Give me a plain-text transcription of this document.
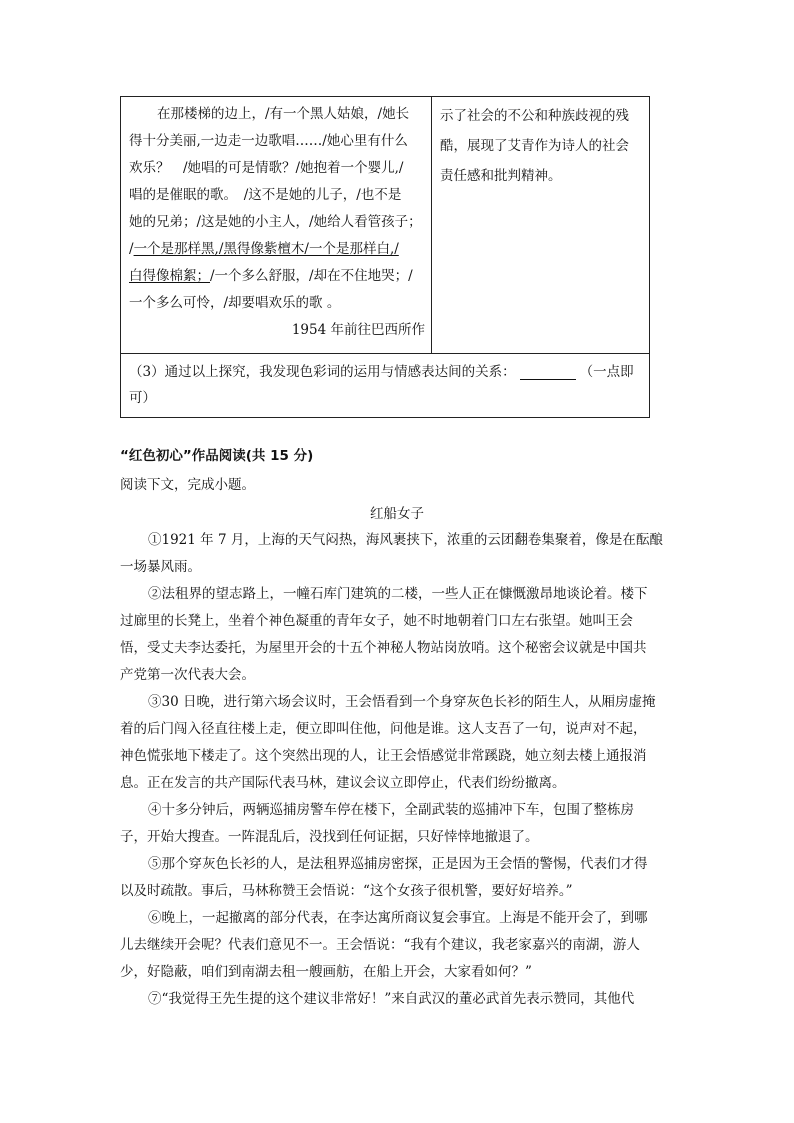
在那楼梯的边上，/有一个黑人姑娘，/她长
得十分美丽,一边走一边歌唱……/她心里有什么
欢乐？　/她唱的可是情歌？/她抱着一个婴儿,/
唱的是催眠的歌。　/这不是她的儿子，/也不是
她的兄弟；/这是她的小主人，/她给人看管孩子；
/一个是那样黑,/黑得像紫檀木/一个是那样白,/
白得像棉絮；/一个多么舒服，/却在不住地哭；/
一个多么可怜，/却要唱欢乐的歌 。
1954 年前往巴西所作
示了社会的不公和种族歧视的残
酷，展现了艾青作为诗人的社会
责任感和批判精神。
（3）通过以上探究，我发现色彩词的运用与情感表达间的关系：	（一点即
可）
“红色初心”作品阅读(共 15 分)
阅读下文，完成小题。
红船女子
①1921 年 7 月，上海的天气闷热，海风裹挟下，浓重的云团翻卷集聚着，像是在酝酿
一场暴风雨。
②法租界的望志路上，一幢石库门建筑的二楼，一些人正在慷慨激昂地谈论着。楼下
过廊里的长凳上，坐着个神色凝重的青年女子，她不时地朝着门口左右张望。她叫王会
悟，受丈夫李达委托，为屋里开会的十五个神秘人物站岗放哨。这个秘密会议就是中国共
产党第一次代表大会。
③30 日晚，进行第六场会议时，王会悟看到一个身穿灰色长衫的陌生人，从厢房虚掩
着的后门闯入径直往楼上走，便立即叫住他，问他是谁。这人支吾了一句，说声对不起，
神色慌张地下楼走了。这个突然出现的人，让王会悟感觉非常蹊跷，她立刻去楼上通报消
息。正在发言的共产国际代表马林，建议会议立即停止，代表们纷纷撤离。
④十多分钟后，两辆巡捕房警车停在楼下，全副武装的巡捕冲下车，包围了整栋房
子，开始大搜查。一阵混乱后，没找到任何证据，只好悻悻地撤退了。
⑤那个穿灰色长衫的人，是法租界巡捕房密探，正是因为王会悟的警惕，代表们才得
以及时疏散。事后，马林称赞王会悟说：“这个女孩子很机警，要好好培养。”
⑥晚上，一起撤离的部分代表，在李达寓所商议复会事宜。上海是不能开会了，到哪
儿去继续开会呢？代表们意见不一。王会悟说：“我有个建议，我老家嘉兴的南湖，游人
少，好隐蔽，咱们到南湖去租一艘画舫，在船上开会，大家看如何？”
⑦“我觉得王先生提的这个建议非常好！”来自武汉的董必武首先表示赞同，其他代
